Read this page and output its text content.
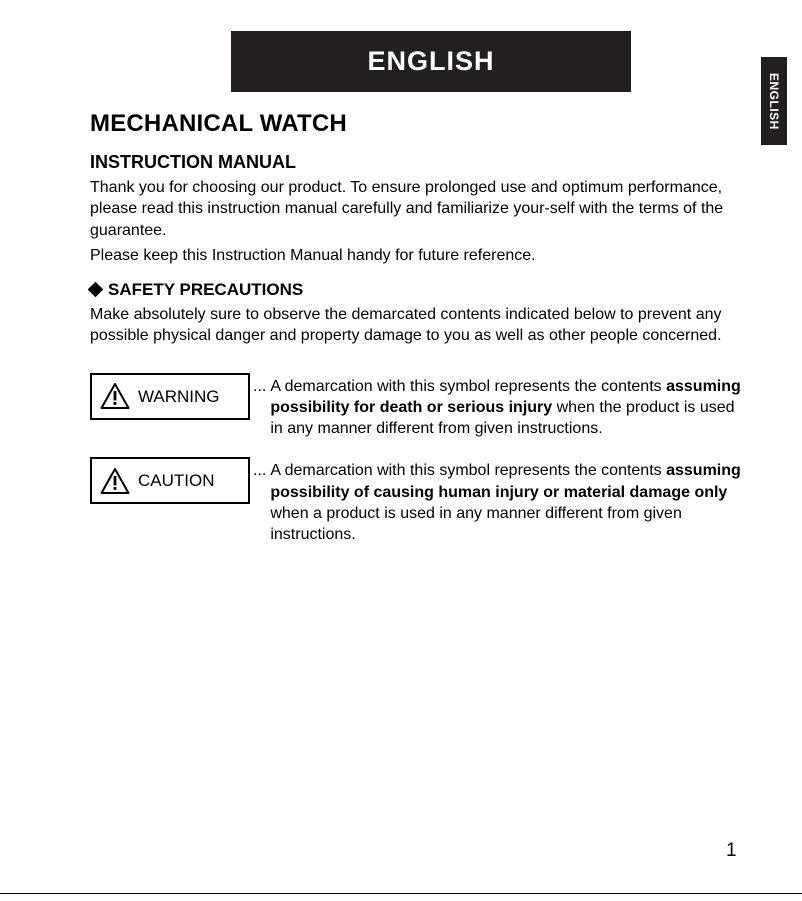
ENGLISH
ENGLISH
MECHANICAL WATCH
INSTRUCTION MANUAL

Thank you for choosing our product. To ensure prolonged use and optimum performance, please read this instruction manual carefully and familiarize your-self with the terms of the guarantee.

Please keep this Instruction Manual handy for future reference.

SAFETY PRECAUTIONS

Make absolutely sure to observe the demarcated contents indicated below to prevent any possible physical danger and property damage to you as well as other people concerned.

WARNING
... A demarcation with this symbol represents the contents assuming possibility for death or serious injury when the product is used in any manner different from given instructions.
CAUTION
... A demarcation with this symbol represents the contents assuming possibility of causing human injury or material damage only when a product is used in any manner different from given instructions.
1
